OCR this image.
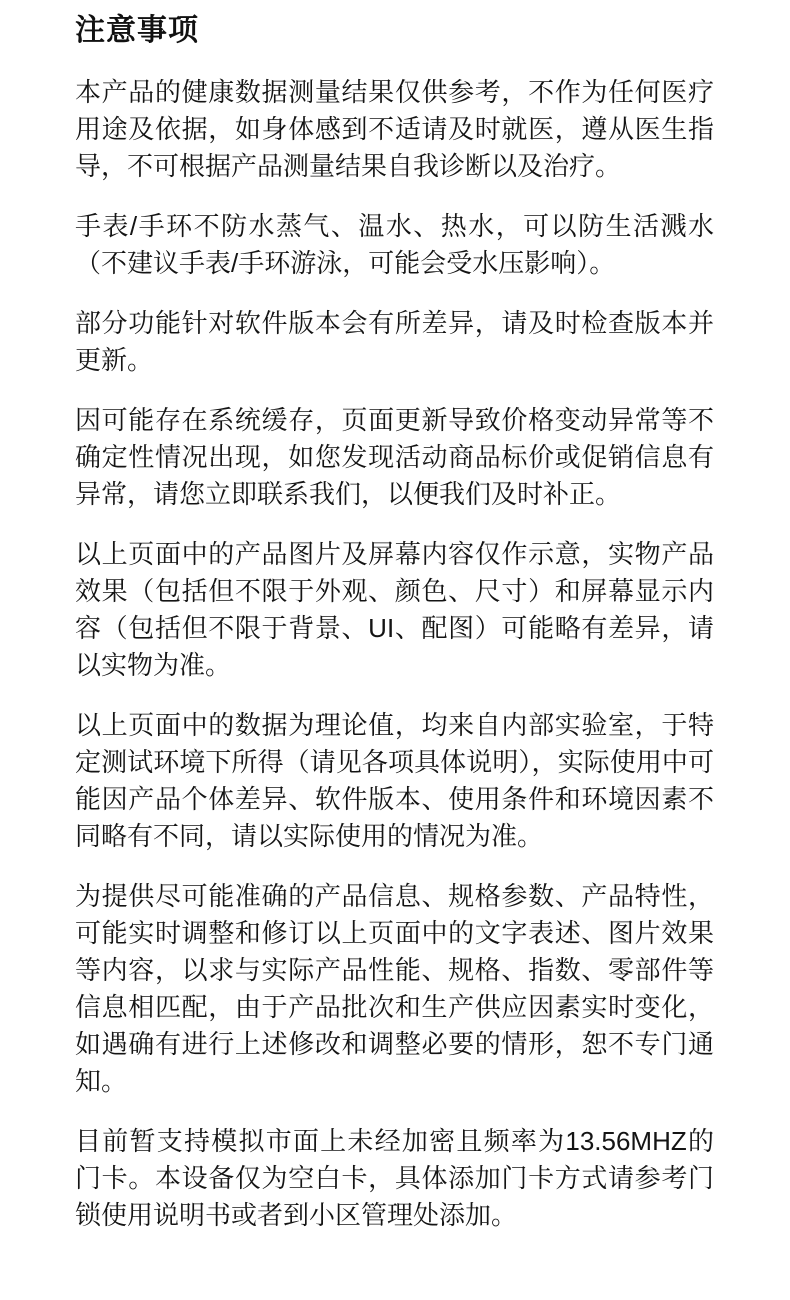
注意事项

本产品的健康数据测量结果仅供参考，不作为任何医疗用途及依据，如身体感到不适请及时就医，遵从医生指导，不可根据产品测量结果自我诊断以及治疗。

手表/手环不防水蒸气、温水、热水，可以防生活溅水（不建议手表/手环游泳，可能会受水压影响）。

部分功能针对软件版本会有所差异，请及时检查版本并更新。

因可能存在系统缓存，页面更新导致价格变动异常等不确定性情况出现，如您发现活动商品标价或促销信息有异常，请您立即联系我们，以便我们及时补正。

以上页面中的产品图片及屏幕内容仅作示意，实物产品效果（包括但不限于外观、颜色、尺寸）和屏幕显示内容（包括但不限于背景、UI、配图）可能略有差异，请以实物为准。

以上页面中的数据为理论值，均来自内部实验室，于特定测试环境下所得（请见各项具体说明），实际使用中可能因产品个体差异、软件版本、使用条件和环境因素不同略有不同，请以实际使用的情况为准。

为提供尽可能准确的产品信息、规格参数、产品特性，可能实时调整和修订以上页面中的文字表述、图片效果等内容，以求与实际产品性能、规格、指数、零部件等信息相匹配，由于产品批次和生产供应因素实时变化，如遇确有进行上述修改和调整必要的情形，恕不专门通知。

目前暂支持模拟市面上未经加密且频率为13.56MHZ的门卡。本设备仅为空白卡，具体添加门卡方式请参考门锁使用说明书或者到小区管理处添加。
